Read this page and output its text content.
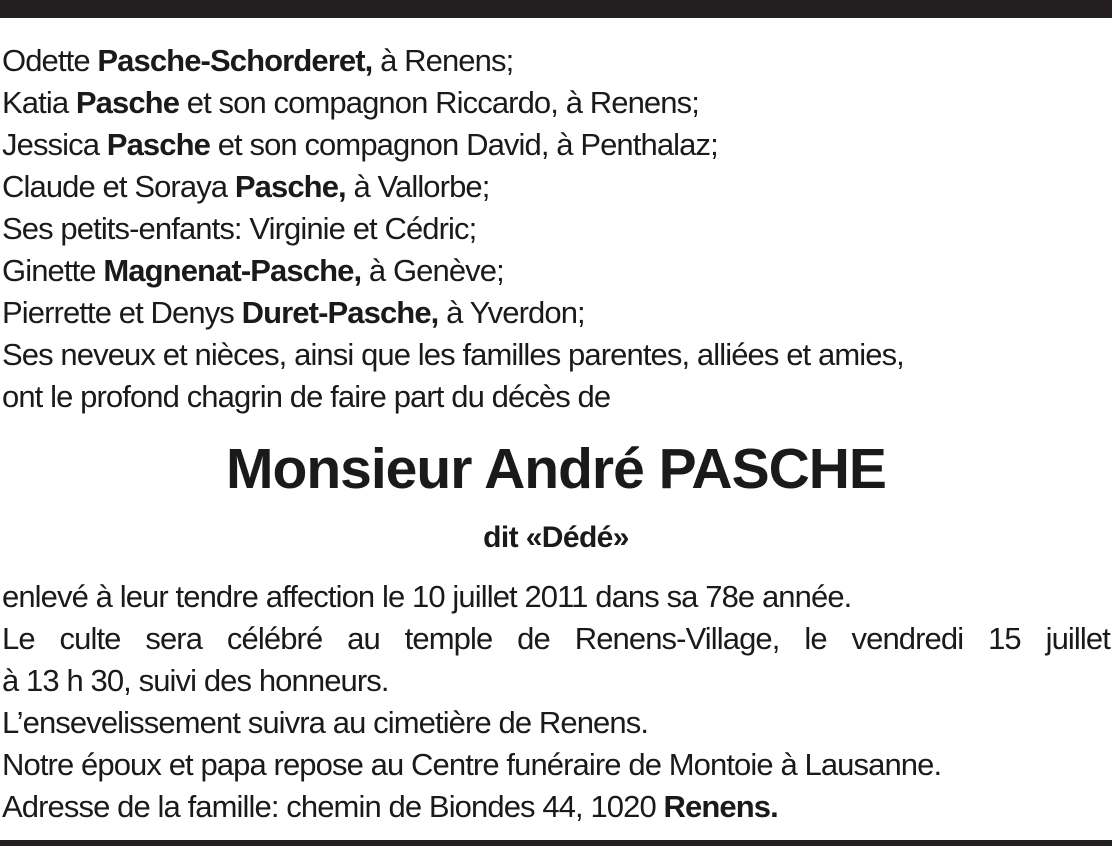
Odette Pasche-Schorderet, à Renens;
Katia Pasche et son compagnon Riccardo, à Renens;
Jessica Pasche et son compagnon David, à Penthalaz;
Claude et Soraya Pasche, à Vallorbe;
Ses petits-enfants: Virginie et Cédric;
Ginette Magnenat-Pasche, à Genève;
Pierrette et Denys Duret-Pasche, à Yverdon;
Ses neveux et nièces, ainsi que les familles parentes, alliées et amies,
ont le profond chagrin de faire part du décès de
Monsieur André PASCHE
dit «Dédé»
enlevé à leur tendre affection le 10 juillet 2011 dans sa 78e année.
Le culte sera célébré au temple de Renens-Village, le vendredi 15 juillet
à 13 h 30, suivi des honneurs.
L’ensevelissement suivra au cimetière de Renens.
Notre époux et papa repose au Centre funéraire de Montoie à Lausanne.
Adresse de la famille: chemin de Biondes 44, 1020 Renens.
